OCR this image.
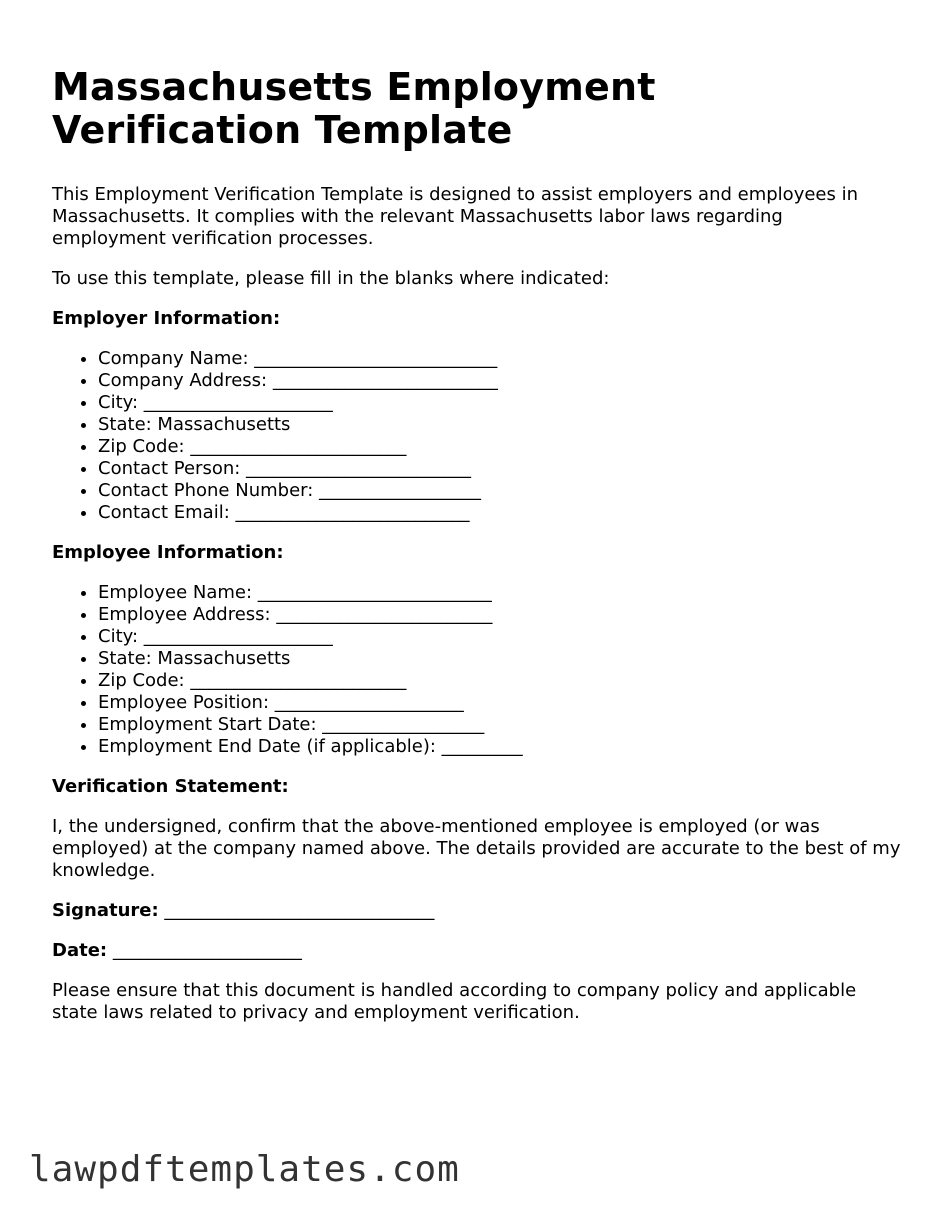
Massachusetts Employment Verification Template

This Employment Verification Template is designed to assist employers and employees in Massachusetts. It complies with the relevant Massachusetts labor laws regarding employment verification processes.

To use this template, please fill in the blanks where indicated:

Employer Information:
• Company Name: ___________________________
• Company Address: _________________________
• City: _____________________
• State: Massachusetts
• Zip Code: ________________________
• Contact Person: _________________________
• Contact Phone Number: __________________
• Contact Email: __________________________
Employee Information:
• Employee Name: __________________________
• Employee Address: ________________________
• City: _____________________
• State: Massachusetts
• Zip Code: ________________________
• Employee Position: _____________________
• Employment Start Date: __________________
• Employment End Date (if applicable): _________
Verification Statement:

I, the undersigned, confirm that the above-mentioned employee is employed (or was employed) at the company named above. The details provided are accurate to the best of my knowledge.

Signature: ______________________________
Date: _____________________

Please ensure that this document is handled according to company policy and applicable state laws related to privacy and employment verification.

lawpdftemplates.com
